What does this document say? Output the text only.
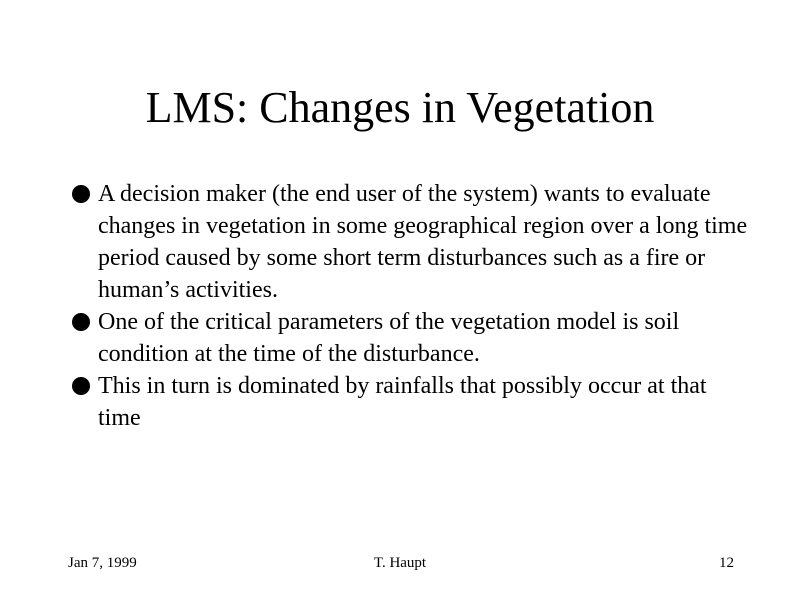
LMS: Changes in Vegetation
A decision maker (the end user of the system) wants to evaluate changes in vegetation in some geographical region over a long time period caused by some short term disturbances such as a fire or human’s activities.
One of the critical parameters of the vegetation model is soil condition at the time of the disturbance.
This in turn is dominated by rainfalls that possibly occur at that time
Jan 7, 1999	T. Haupt	12
